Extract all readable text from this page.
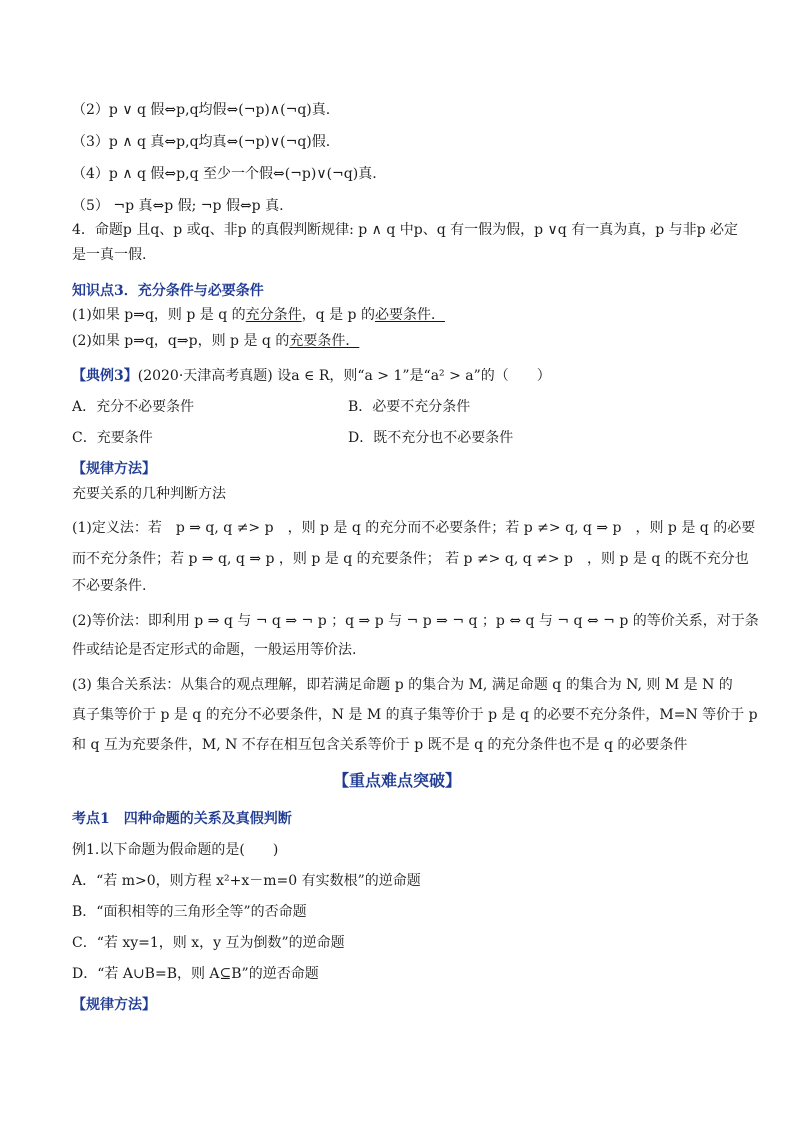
（2）p ∨ q 假⇔p,q均假⇔(¬p)∧(¬q)真.
（3）p ∧ q 真⇔p,q均真⇔(¬p)∨(¬q)假.
（4）p ∧ q 假⇔p,q 至少一个假⇔(¬p)∨(¬q)真.
（5） ¬p 真⇔p 假; ¬p 假⇔p 真.
4．命题p 且q、p 或q、非p 的真假判断规律: p ∧ q 中p、q 有一假为假，p ∨q 有一真为真，p 与非p 必定
是一真一假.
知识点3．充分条件与必要条件
(1)如果 p⇒q，则 p 是 q 的充分条件，q 是 p 的必要条件．
(2)如果 p⇒q，q⇒p，则 p 是 q 的充要条件．
【典例3】(2020·天津高考真题) 设a ∈ R，则“a > 1”是“a² > a”的（　　）
A．充分不必要条件	B．必要不充分条件
C．充要条件	D．既不充分也不必要条件
【规律方法】
充要关系的几种判断方法
(1)定义法：若　p ⇒ q, q ≠> p　，则 p 是 q 的充分而不必要条件；若 p ≠> q, q ⇒ p　，则 p 是 q 的必要
而不充分条件；若 p ⇒ q, q ⇒ p ，则 p 是 q 的充要条件； 若 p ≠> q, q ≠> p　，则 p 是 q 的既不充分也
不必要条件.
(2)等价法：即利用 p ⇒ q 与 ¬ q ⇒ ¬ p ；q ⇒ p 与 ¬ p ⇒ ¬ q ；p ⇔ q 与 ¬ q ⇔ ¬ p 的等价关系，对于条
件或结论是否定形式的命题，一般运用等价法.
(3) 集合关系法：从集合的观点理解，即若满足命题 p 的集合为 M, 满足命题 q 的集合为 N, 则 M 是 N 的
真子集等价于 p 是 q 的充分不必要条件，N 是 M 的真子集等价于 p 是 q 的必要不充分条件，M=N 等价于 p
和 q 互为充要条件，M, N 不存在相互包含关系等价于 p 既不是 q 的充分条件也不是 q 的必要条件
【重点难点突破】
考点1　四种命题的关系及真假判断
例1.以下命题为假命题的是(　　)
A．“若 m>0，则方程 x²+x－m=0 有实数根”的逆命题
B．“面积相等的三角形全等”的否命题
C．“若 xy=1，则 x，y 互为倒数”的逆命题
D．“若 A∪B=B，则 A⊆B”的逆否命题
【规律方法】
